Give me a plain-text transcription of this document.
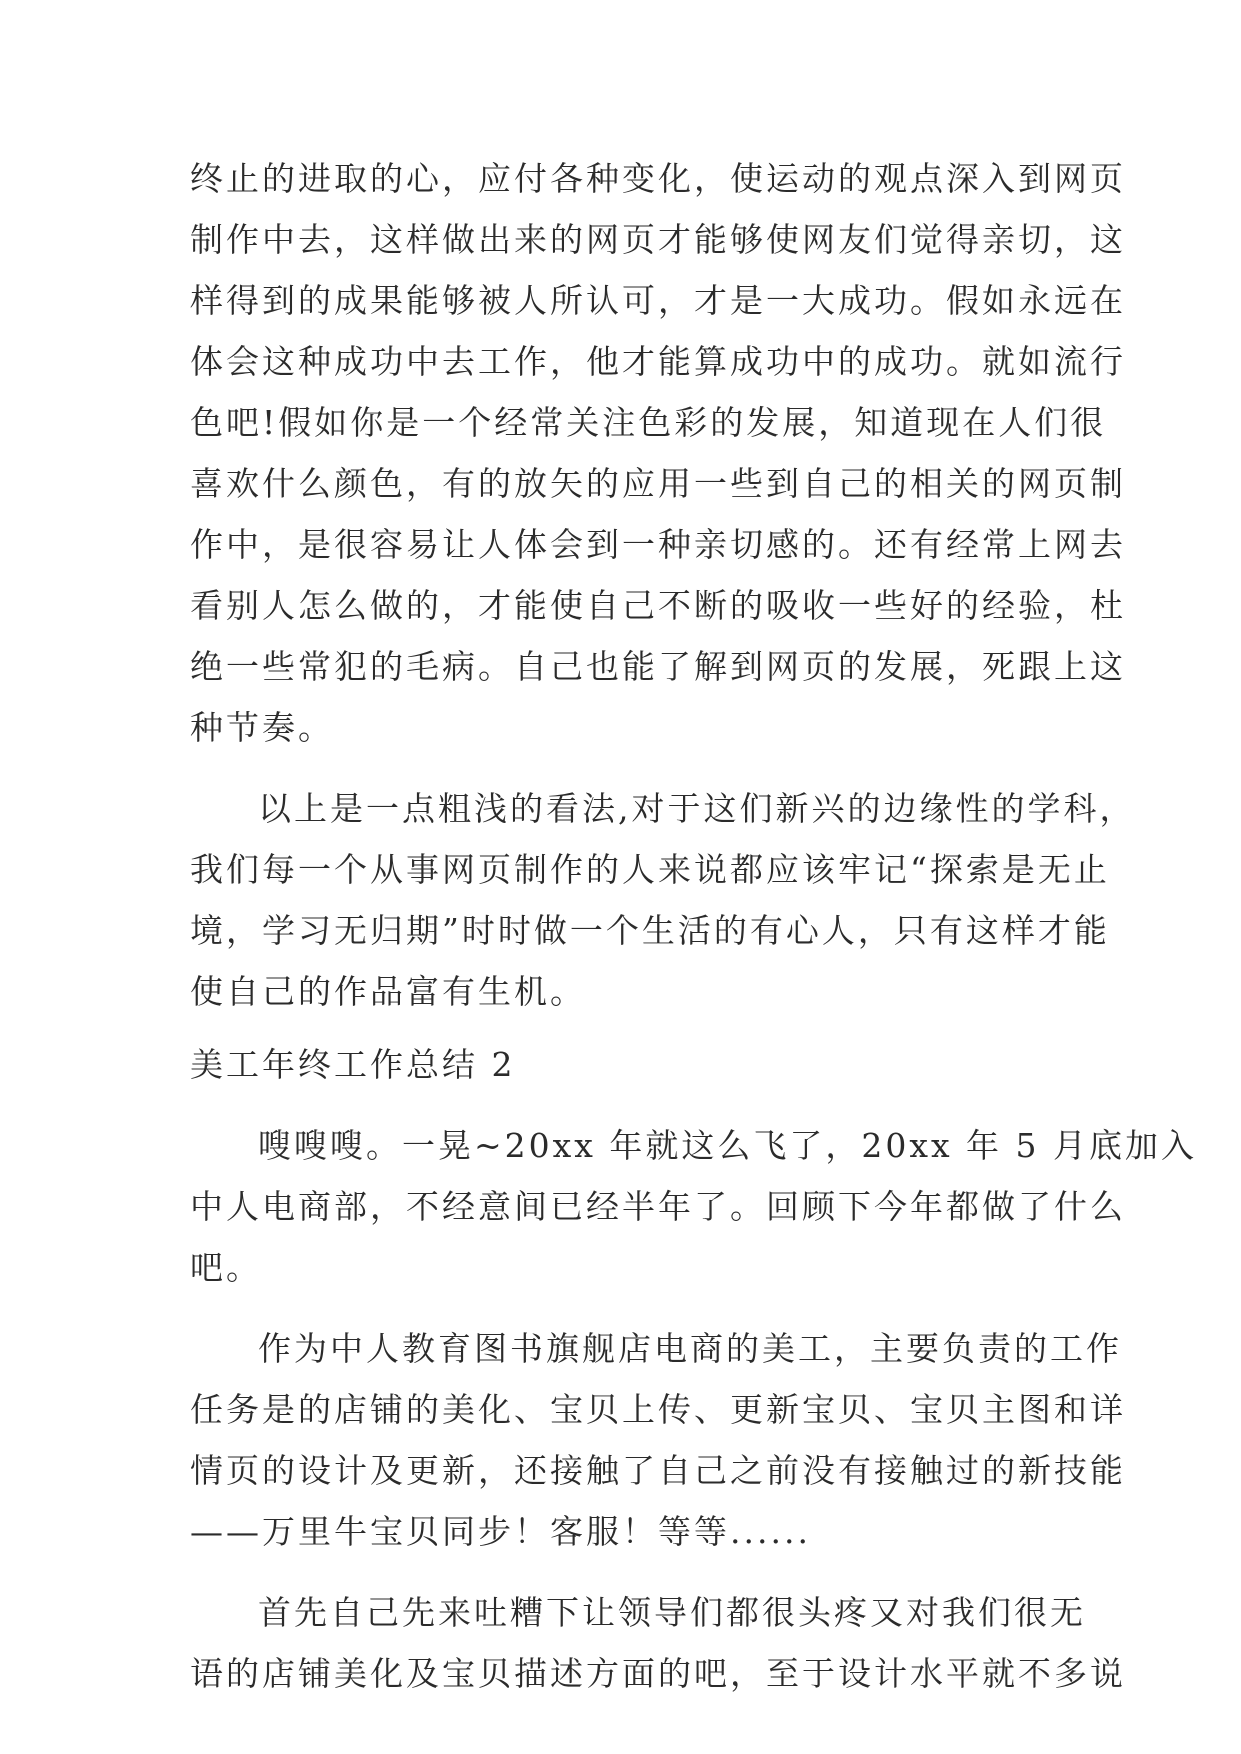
终止的进取的心，应付各种变化，使运动的观点深入到网页
制作中去，这样做出来的网页才能够使网友们觉得亲切，这
样得到的成果能够被人所认可，才是一大成功。假如永远在
体会这种成功中去工作，他才能算成功中的成功。就如流行
色吧!假如你是一个经常关注色彩的发展，知道现在人们很
喜欢什么颜色，有的放矢的应用一些到自己的相关的网页制
作中，是很容易让人体会到一种亲切感的。还有经常上网去
看别人怎么做的，才能使自己不断的吸收一些好的经验，杜
绝一些常犯的毛病。自己也能了解到网页的发展，死跟上这
种节奏。
以上是一点粗浅的看法,对于这们新兴的边缘性的学科，
我们每一个从事网页制作的人来说都应该牢记“探索是无止
境，学习无归期”时时做一个生活的有心人，只有这样才能
使自己的作品富有生机。
美工年终工作总结 2
嗖嗖嗖。一晃~20xx 年就这么飞了，20xx 年 5 月底加入
中人电商部，不经意间已经半年了。回顾下今年都做了什么
吧。
作为中人教育图书旗舰店电商的美工，主要负责的工作
任务是的店铺的美化、宝贝上传、更新宝贝、宝贝主图和详
情页的设计及更新，还接触了自己之前没有接触过的新技能
——万里牛宝贝同步！客服！等等......
首先自己先来吐糟下让领导们都很头疼又对我们很无
语的店铺美化及宝贝描述方面的吧，至于设计水平就不多说
